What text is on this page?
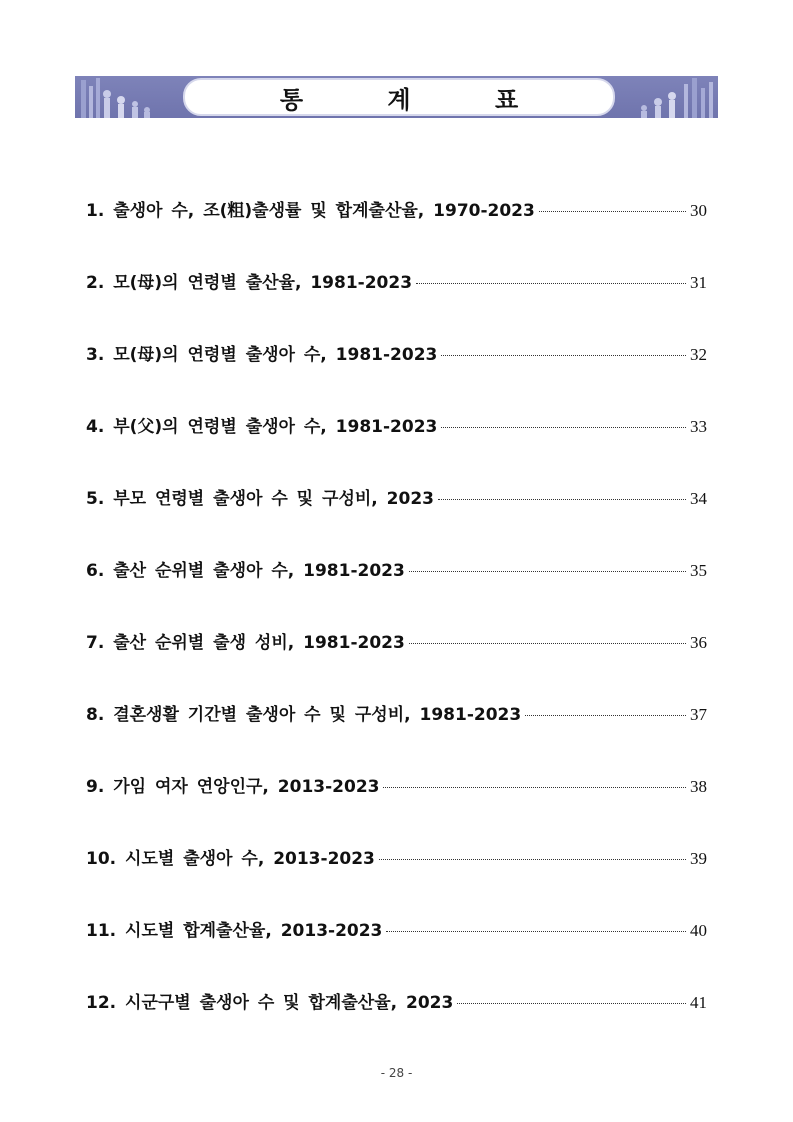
통 계 표
1. 출생아 수, 조(粗)출생률 및 합계출산율, 1970-2023	30
2. 모(母)의 연령별 출산율, 1981-2023	31
3. 모(母)의 연령별 출생아 수, 1981-2023	32
4. 부(父)의 연령별 출생아 수, 1981-2023	33
5. 부모 연령별 출생아 수 및 구성비, 2023	34
6. 출산 순위별 출생아 수, 1981-2023	35
7. 출산 순위별 출생 성비, 1981-2023	36
8. 결혼생활 기간별 출생아 수 및 구성비, 1981-2023	37
9. 가임 여자 연앙인구, 2013-2023	38
10. 시도별 출생아 수, 2013-2023	39
11. 시도별 합계출산율, 2013-2023	40
12. 시군구별 출생아 수 및 합계출산율, 2023	41
- 28 -
